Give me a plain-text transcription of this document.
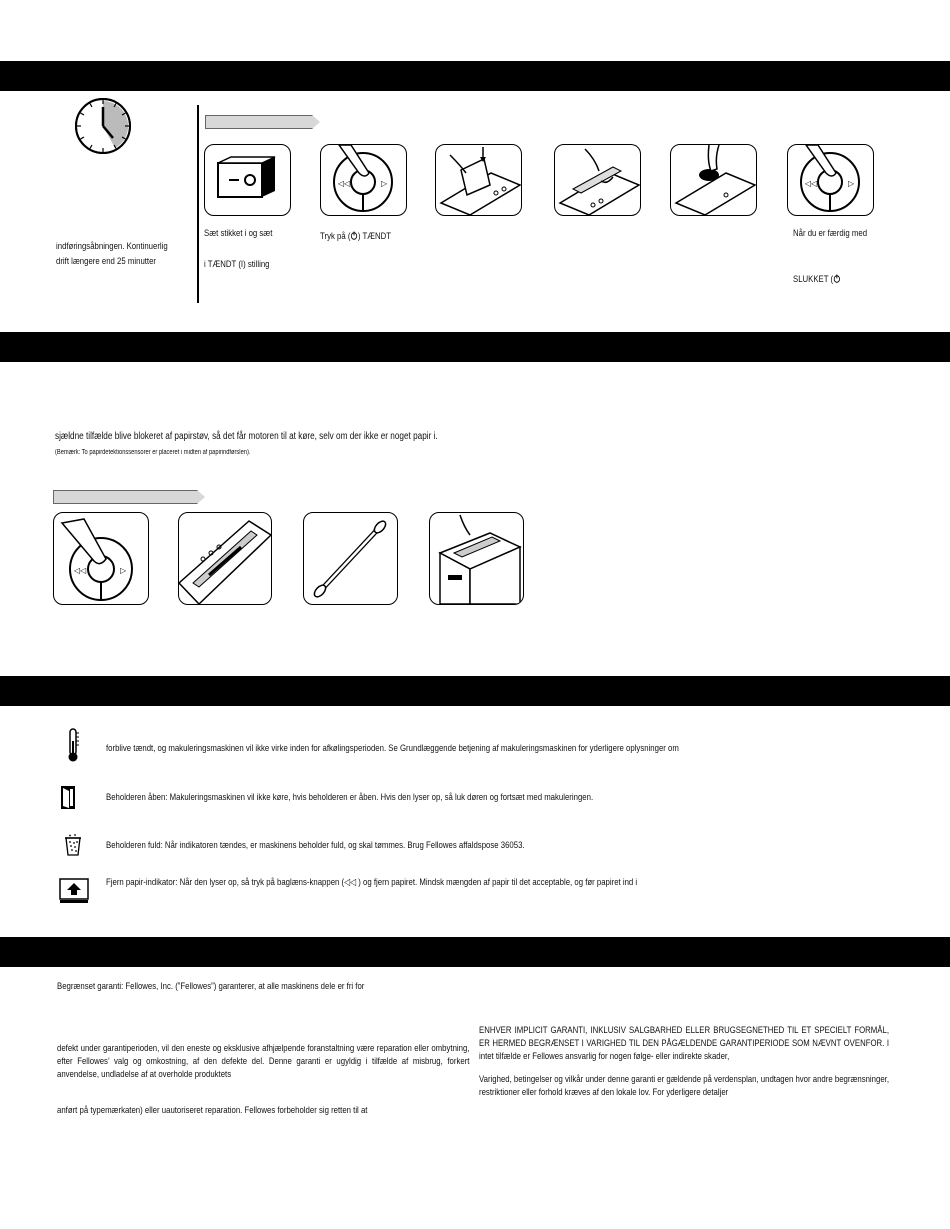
indføringsåbningen. Kontinuerlig
drift længere end 25 minutter
◁◁	▷	◁◁	▷
Sæt stikket i og sæt
i TÆNDT (I) stilling
Tryk på ( ) TÆNDT	Når du er færdig med
SLUKKET (
sjældne tilfælde blive blokeret af papirstøv, så det får motoren til at køre, selv om der ikke er noget papir i.
(Bemærk: To papirdetektionssensorer er placeret i midten af papirindførslen).
◁◁	▷
forblive tændt, og makuleringsmaskinen vil ikke virke inden for afkølingsperioden. Se Grundlæggende betjening af makuleringsmaskinen for yderligere oplysninger om
Beholderen åben: Makuleringsmaskinen vil ikke køre, hvis beholderen er åben. Hvis den lyser op, så luk døren og fortsæt med makuleringen.
Beholderen fuld: Når indikatoren tændes, er maskinens beholder fuld, og skal tømmes. Brug Fellowes affaldspose 36053.
Fjern papir-indikator: Når den lyser op, så tryk på baglæns-knappen (◁◁ ) og fjern papiret. Mindsk mængden af papir til det acceptable, og før papiret ind i
Begrænset garanti: Fellowes, Inc. (”Fellowes”) garanterer, at alle maskinens dele er fri for
defekt under garantiperioden, vil den eneste og eksklusive afhjælpende foranstaltning være reparation eller ombytning, efter Fellowes’ valg og omkostning, af den defekte del. Denne garanti er ugyldig i tilfælde af misbrug, forkert anvendelse, undladelse af at overholde produktets
anført på typemærkaten) eller uautoriseret reparation. Fellowes forbeholder sig retten til at
ENHVER IMPLICIT GARANTI, INKLUSIV SALGBARHED ELLER BRUGSEGNETHED TIL ET SPECIELT FORMÅL, ER HERMED BEGRÆNSET I VARIGHED TIL DEN PÅGÆLDENDE GARANTIPERIODE SOM NÆVNT OVENFOR. I intet tilfælde er Fellowes ansvarlig for nogen følge- eller indirekte skader,
Varighed, betingelser og vilkår under denne garanti er gældende på verdensplan, undtagen hvor andre begrænsninger, restriktioner eller forhold kræves af den lokale lov. For yderligere detaljer
